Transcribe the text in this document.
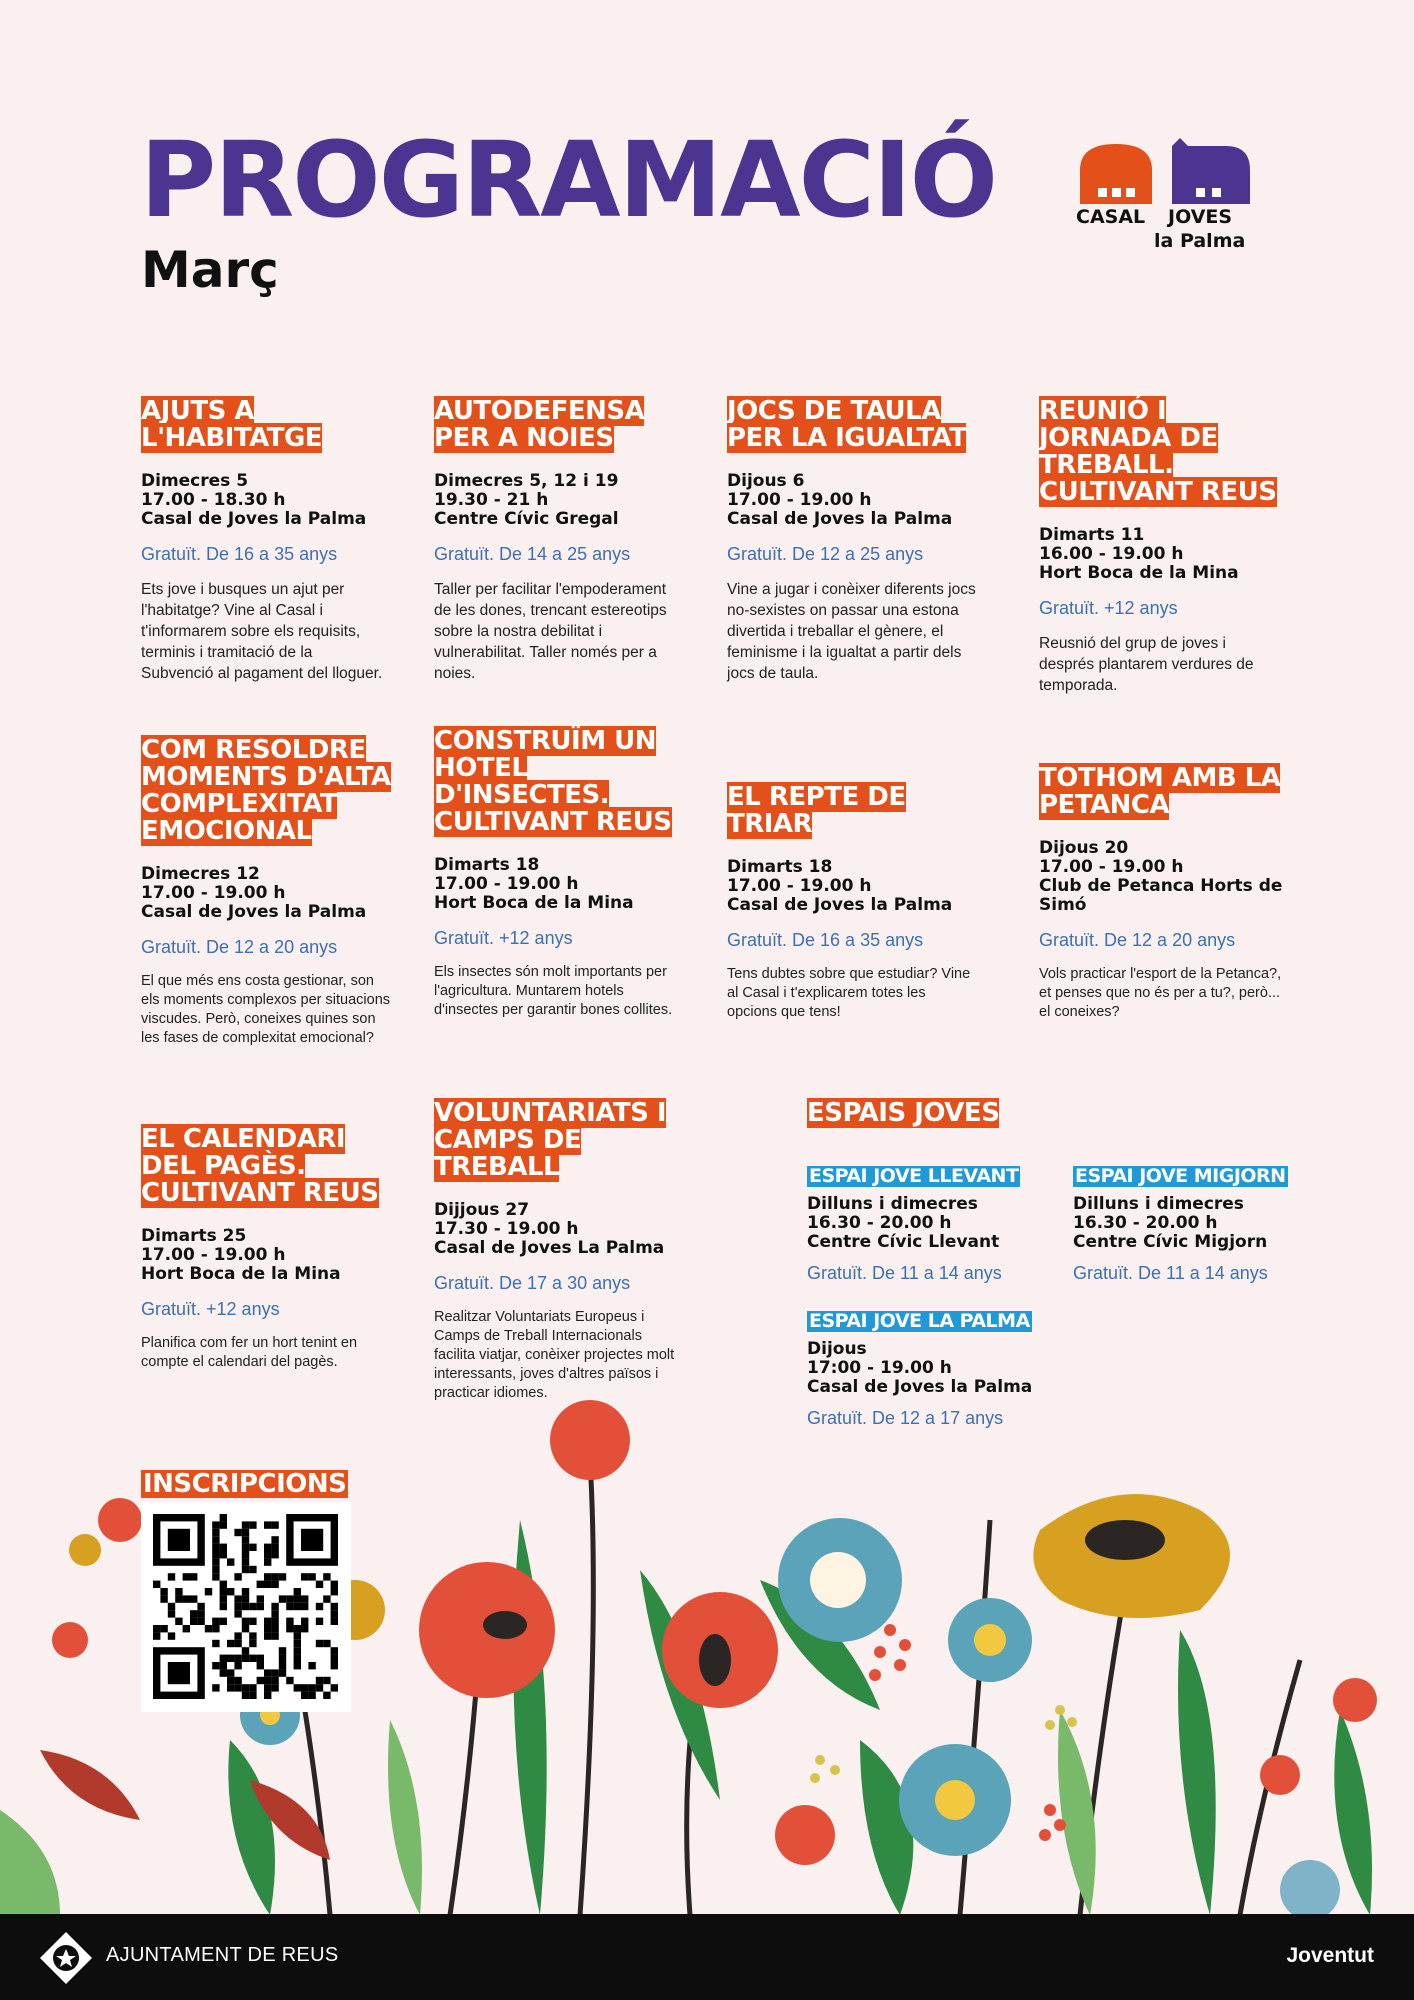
PROGRAMACIÓ
Març
CASAL JOVES
la Palma
AJUTS A L'HABITATGE
Dimecres 5
17.00 - 18.30 h
Casal de Joves la Palma
Gratuït. De 16 a 35 anys
Ets jove i busques un ajut per l'habitatge? Vine al Casal i t'informarem sobre els requisits, terminis i tramitació de la Subvenció al pagament del lloguer.
AUTODEFENSA PER A NOIES
Dimecres 5, 12 i 19
19.30 - 21 h
Centre Cívic Gregal
Gratuït. De 14 a 25 anys
Taller per facilitar l'empoderament de les dones, trencant estereotips sobre la nostra debilitat i vulnerabilitat. Taller només per a noies.
JOCS DE TAULA PER LA IGUALTAT
Dijous 6
17.00 - 19.00 h
Casal de Joves la Palma
Gratuït. De 12 a 25 anys
Vine a jugar i conèixer diferents jocs no-sexistes on passar una estona divertida i treballar el gènere, el feminisme i la igualtat a partir dels jocs de taula.
REUNIÓ I JORNADA DE TREBALL. CULTIVANT REUS
Dimarts 11
16.00 - 19.00 h
Hort Boca de la Mina
Gratuït. +12 anys
Reusnió del grup de joves i després plantarem verdures de temporada.
COM RESOLDRE MOMENTS D'ALTA COMPLEXITAT EMOCIONAL
Dimecres 12
17.00 - 19.00 h
Casal de Joves la Palma
Gratuït. De 12 a 20 anys
El que més ens costa gestionar, son els moments complexos per situacions viscudes. Però, coneixes quines son les fases de complexitat emocional?
CONSTRUÏM UN HOTEL D'INSECTES. CULTIVANT REUS
Dimarts 18
17.00 - 19.00 h
Hort Boca de la Mina
Gratuït. +12 anys
Els insectes són molt importants per l'agricultura. Muntarem hotels d'insectes per garantir bones collites.
EL REPTE DE TRIAR
Dimarts 18
17.00 - 19.00 h
Casal de Joves la Palma
Gratuït. De 16 a 35 anys
Tens dubtes sobre que estudiar? Vine al Casal i t'explicarem totes les opcions que tens!
TOTHOM AMB LA PETANCA
Dijous 20
17.00 - 19.00 h
Club de Petanca Horts de Simó
Gratuït. De 12 a 20 anys
Vols practicar l'esport de la Petanca?, et penses que no és per a tu?, però... el coneixes?
EL CALENDARI DEL PAGÈS. CULTIVANT REUS
Dimarts 25
17.00 - 19.00 h
Hort Boca de la Mina
Gratuït. +12 anys
Planifica com fer un hort tenint en compte el calendari del pagès.
VOLUNTARIATS I CAMPS DE TREBALL
Dijjous 27
17.30 - 19.00 h
Casal de Joves La Palma
Gratuït. De 17 a 30 anys
Realitzar Voluntariats Europeus i Camps de Treball Internacionals facilita viatjar, conèixer projectes molt interessants, joves d'altres països i practicar idiomes.
ESPAIS JOVES
ESPAI JOVE LLEVANT
Dilluns i dimecres
16.30 - 20.00 h
Centre Cívic Llevant
Gratuït. De 11 a 14 anys
ESPAI JOVE MIGJORN
Dilluns i dimecres
16.30 - 20.00 h
Centre Cívic Migjorn
Gratuït. De 11 a 14 anys
ESPAI JOVE LA PALMA
Dijous
17:00 - 19.00 h
Casal de Joves la Palma
Gratuït. De 12 a 17 anys
INSCRIPCIONS
AJUNTAMENT DE REUS	Joventut
